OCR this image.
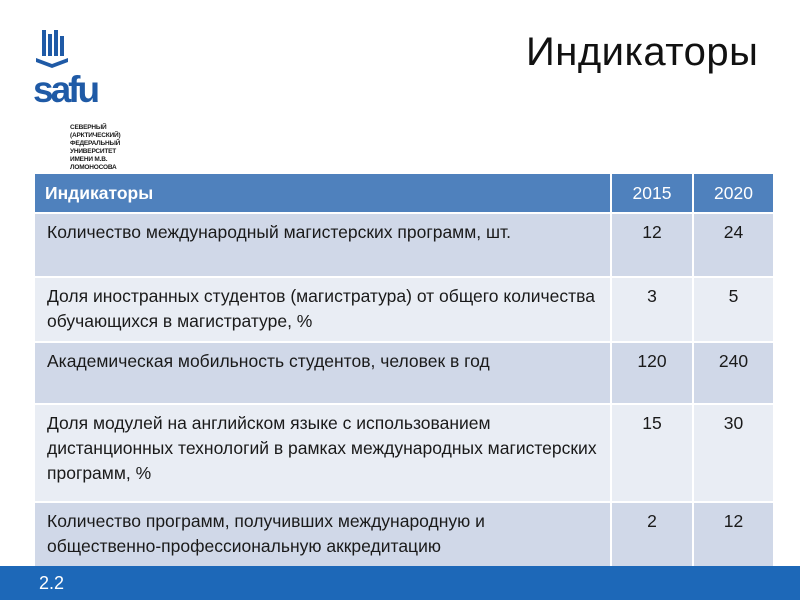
safu
СЕВЕРНЫЙ (АРКТИЧЕСКИЙ) ФЕДЕРАЛЬНЫЙ УНИВЕРСИТЕТ ИМЕНИ М.В. ЛОМОНОСОВА
Индикаторы
Индикаторы	2015	2020
Количество международный магистерских программ, шт.	12	24
Доля иностранных студентов (магистратура) от общего количества обучающихся в магистратуре, %	3	5
Академическая мобильность студентов, человек в год	120	240
Доля модулей на английском языке с использованием дистанционных технологий в рамках международных магистерских программ, %	15	30
Количество программ, получивших международную и общественно-профессиональную аккредитацию	2	12
2.2
